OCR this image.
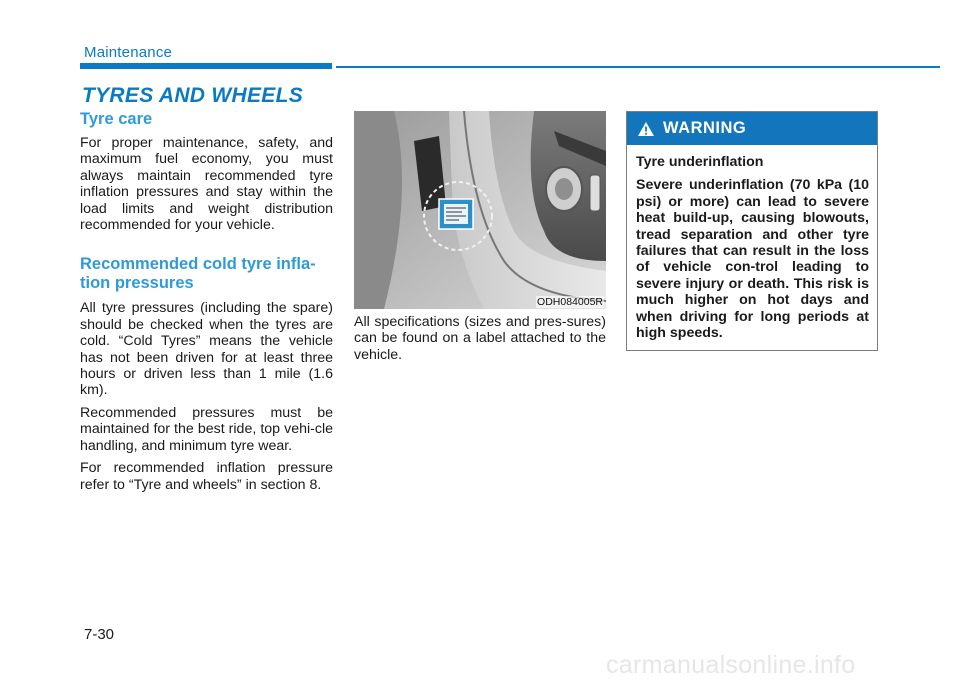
Maintenance
TYRES AND WHEELS
Tyre care

For proper maintenance, safety, and maximum fuel economy, you must always maintain recommended tyre inflation pressures and stay within the load limits and weight distribution recommended for your vehicle.

Recommended cold tyre infla-tion pressures

All tyre pressures (including the spare) should be checked when the tyres are cold. “Cold Tyres” means the vehicle has not been driven for at least three hours or driven less than 1 mile (1.6 km).

Recommended pressures must be maintained for the best ride, top vehi-cle handling, and minimum tyre wear.

For recommended inflation pressure refer to “Tyre and wheels” in section 8.

ODH084005R
All specifications (sizes and pres-sures) can be found on a label attached to the vehicle.
WARNING

Tyre underinflation

Severe underinflation (70 kPa (10 psi) or more) can lead to severe heat build-up, causing blowouts, tread separation and other tyre failures that can result in the loss of vehicle con-trol leading to severe injury or death. This risk is much higher on hot days and when driving for long periods at high speeds.

7-30
carmanualsonline.info
